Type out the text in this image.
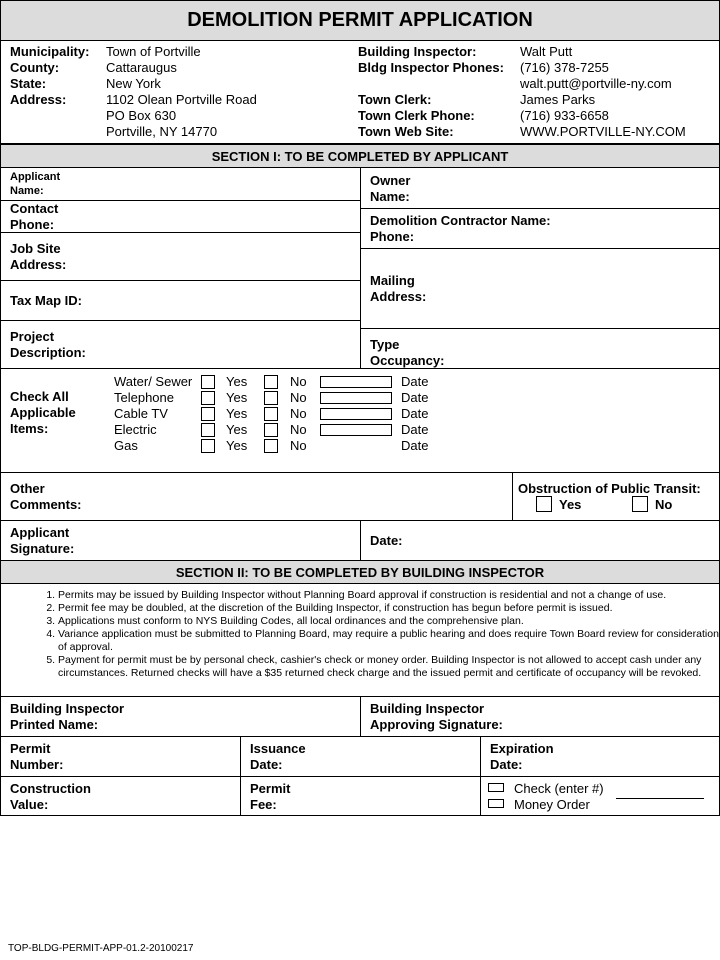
DEMOLITION PERMIT APPLICATION
Municipality: Town of Portville
County:	Cattaraugus
State:	New York
Address:	1102 Olean Portville Road
PO Box 630
Portville, NY 14770
Building Inspector:	Walt Putt
Bldg Inspector Phones: (716) 378-7255
walt.putt@portville-ny.com
Town Clerk:	James Parks
Town Clerk Phone:	(716) 933-6658
Town Web Site:	WWW.PORTVILLE-NY.COM
SECTION I: TO BE COMPLETED BY APPLICANT
Applicant Name:
Contact Phone:
Job Site Address:
Tax Map ID:
Project Description:
Owner Name:
Demolition Contractor Name:
Phone:
Mailing Address:
Type Occupancy:
Check All Applicable Items:
Water/ Sewer	Yes	No	Date
Telephone	Yes	No	Date
Cable TV	Yes	No	Date
Electric	Yes	No	Date
Gas	Yes	No	Date
Other Comments:
Obstruction of Public Transit:
Yes	No
Applicant Signature:
Date:
SECTION II: TO BE COMPLETED BY BUILDING INSPECTOR
1. Permits may be issued by Building Inspector without Planning Board approval if construction is residential and not a change of use.
2. Permit fee may be doubled, at the discretion of the Building Inspector, if construction has begun before permit is issued.
3. Applications must conform to NYS Building Codes, all local ordinances and the comprehensive plan.
4. Variance application must be submitted to Planning Board, may require a public hearing and does require Town Board review for consideration of approval.
5. Payment for permit must be by personal check, cashier's check or money order. Building Inspector is not allowed to accept cash under any circumstances. Returned checks will have a $35 returned check charge and the issued permit and certificate of occupancy will be revoked.
Building Inspector Printed Name:
Building Inspector Approving Signature:
Permit Number:
Issuance Date:
Expiration Date:
Construction Value:
Permit Fee:
Check (enter #)
Money Order
TOP-BLDG-PERMIT-APP-01.2-20100217
